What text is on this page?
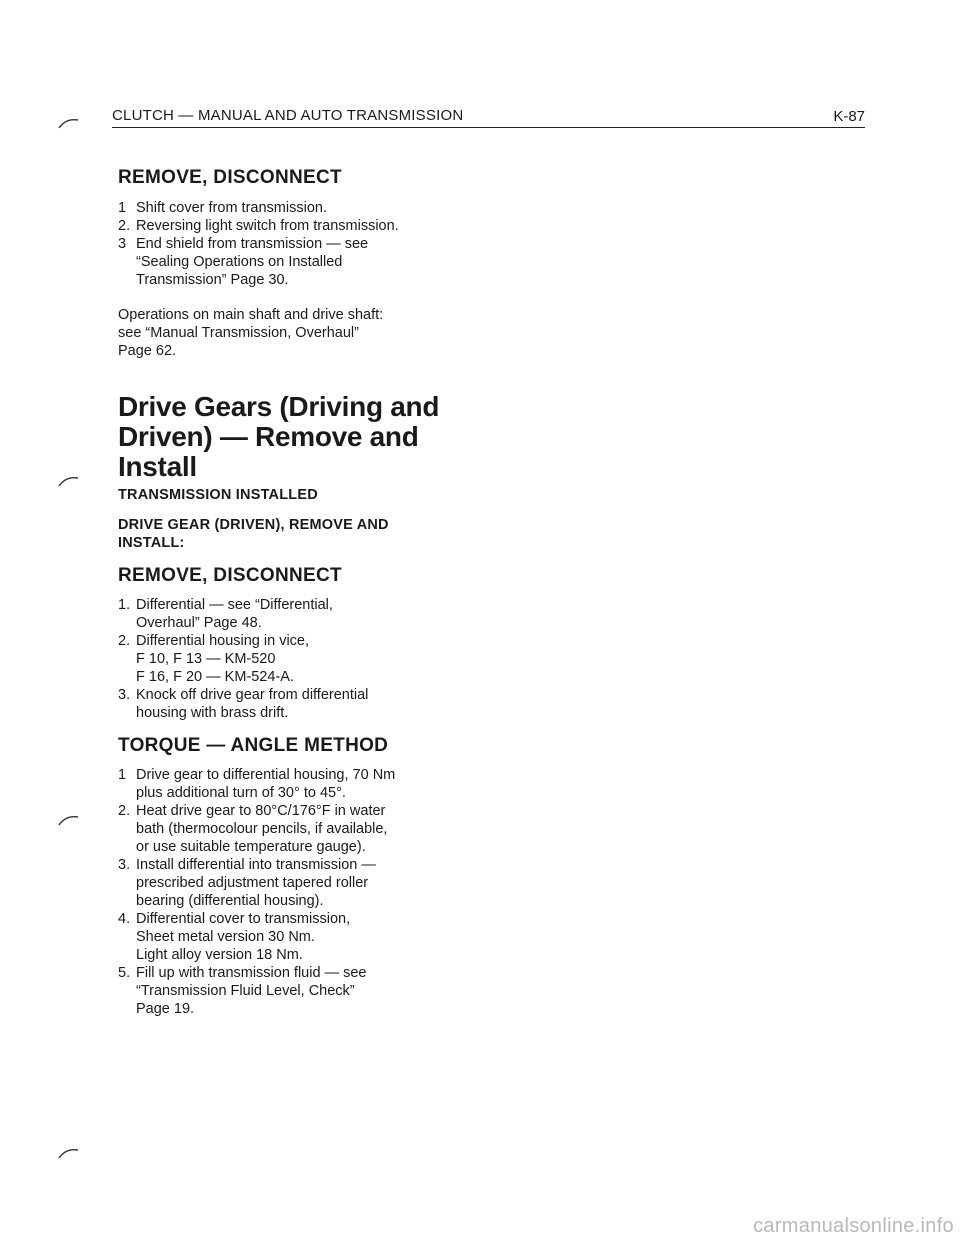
CLUTCH — MANUAL AND AUTO TRANSMISSION	K-87
REMOVE, DISCONNECT
1 Shift cover from transmission.
2. Reversing light switch from transmission.
3 End shield from transmission — see
“Sealing Operations on Installed
Transmission” Page 30.
Operations on main shaft and drive shaft:
see “Manual Transmission, Overhaul”
Page 62.
Drive Gears (Driving and
Driven) — Remove and
Install
TRANSMISSION INSTALLED
DRIVE GEAR (DRIVEN), REMOVE AND
INSTALL:
REMOVE, DISCONNECT
1. Differential — see “Differential,
Overhaul” Page 48.
2. Differential housing in vice,
F 10, F 13 — KM-520
F 16, F 20 — KM-524-A.
3. Knock off drive gear from differential
housing with brass drift.
TORQUE — ANGLE METHOD
1 Drive gear to differential housing, 70 Nm
plus additional turn of 30° to 45°.
2. Heat drive gear to 80°C/176°F in water
bath (thermocolour pencils, if available,
or use suitable temperature gauge).
3. Install differential into transmission —
prescribed adjustment tapered roller
bearing (differential housing).
4. Differential cover to transmission,
Sheet metal version 30 Nm.
Light alloy version 18 Nm.
5. Fill up with transmission fluid — see
“Transmission Fluid Level, Check”
Page 19.
carmanualsonline.info
